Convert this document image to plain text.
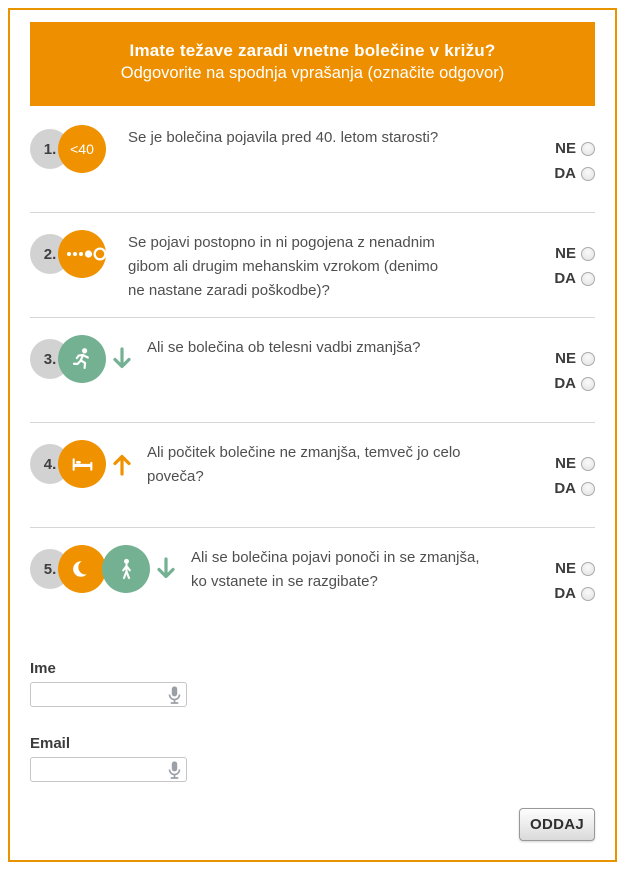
Imate težave zaradi vnetne bolečine v križu?
Odgovorite na spodnja vprašanja (označite odgovor)
1. <40
Se je bolečina pojavila pred 40. letom starosti?
NE
DA
2.
Se pojavi postopno in ni pogojena z nenadnim gibom ali drugim mehanskim vzrokom (denimo ne nastane zaradi poškodbe)?
NE
DA
3.
Ali se bolečina ob telesni vadbi zmanjša?
NE
DA
4.
Ali počitek bolečine ne zmanjša, temveč jo celo poveča?
NE
DA
5.
Ali se bolečina pojavi ponoči in se zmanjša, ko vstanete in se razgibate?
NE
DA
Ime
Email
ODDAJ
